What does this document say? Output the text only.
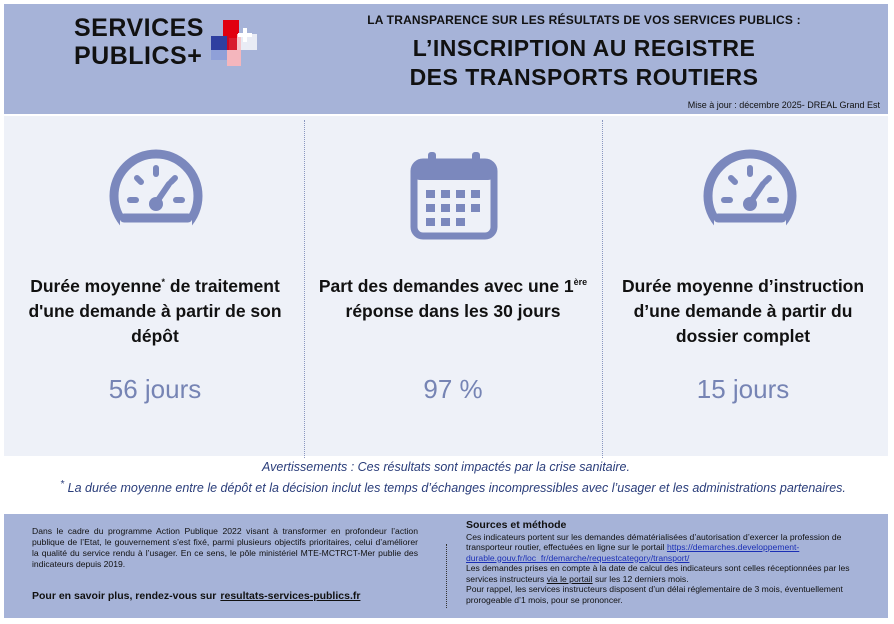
SERVICES
PUBLICS+
LA TRANSPARENCE SUR LES RÉSULTATS DE VOS SERVICES PUBLICS :
L’INSCRIPTION AU REGISTRE
DES TRANSPORTS ROUTIERS
Mise à jour : décembre 2025- DREAL Grand Est
Durée moyenne* de traitement d'une demande à partir de son dépôt
56 jours
Part des demandes avec une 1ère réponse dans les 30 jours
97 %
Durée moyenne d’instruction d’une demande à partir du dossier complet
15 jours
Avertissements : Ces résultats sont impactés par la crise sanitaire.
* La durée moyenne entre le dépôt et la décision inclut les temps d’échanges incompressibles avec l’usager et les administrations partenaires.
Dans le cadre du programme Action Publique 2022 visant à transformer en profondeur l’action publique de l’Etat, le gouvernement s’est fixé, parmi plusieurs objectifs prioritaires, celui d’améliorer la qualité du service rendu à l’usager. En ce sens, le pôle ministériel MTE-MCTRCT-Mer publie des indicateurs depuis 2019.
Pour en savoir plus, rendez-vous sur resultats-services-publics.fr
Sources et méthode
Ces indicateurs portent sur les demandes dématérialisées d’autorisation d’exercer la profession de transporteur routier, effectuées en ligne sur le portail https://demarches.developpement-durable.gouv.fr/loc_fr/demarche/requestcategory/transport/
Les demandes prises en compte à la date de calcul des indicateurs sont celles réceptionnées par les services instructeurs via le portail sur les 12 derniers mois.
Pour rappel, les services instructeurs disposent d’un délai réglementaire de 3 mois, éventuellement prorogeable d’1 mois, pour se prononcer.
